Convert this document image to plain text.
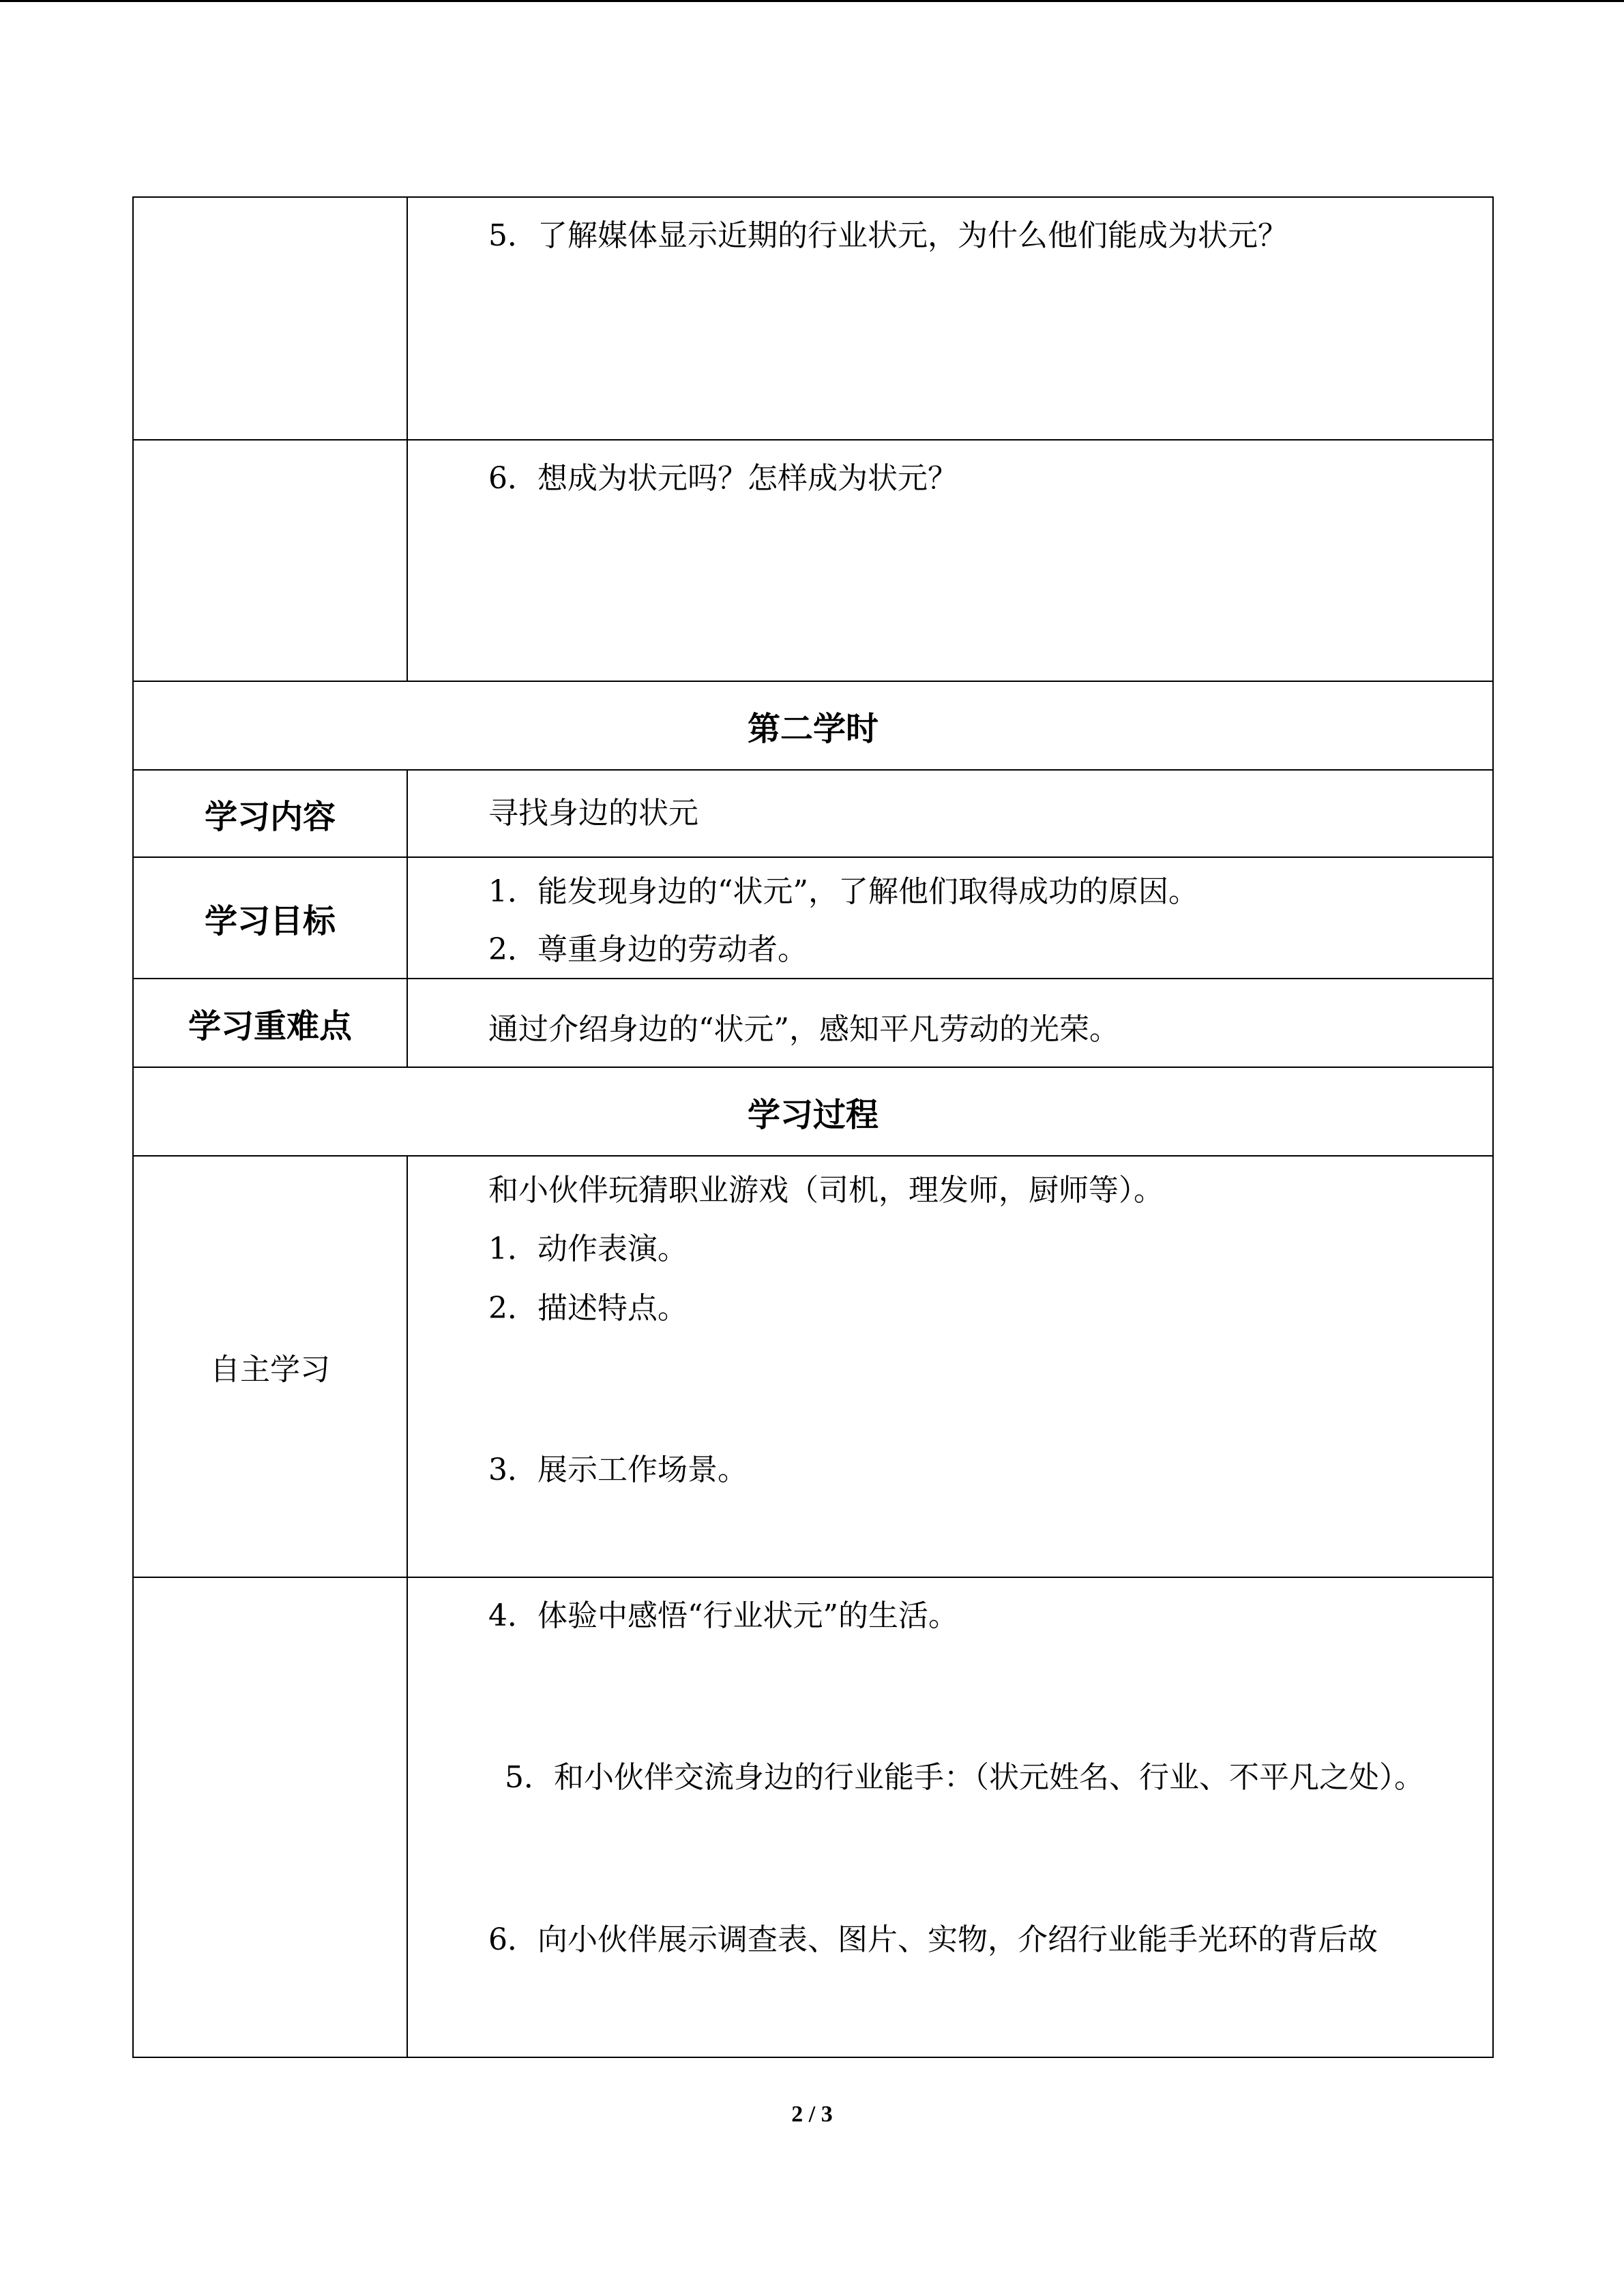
	5．了解媒体显示近期的行业状元，为什么他们能成为状元？

	6．想成为状元吗？怎样成为状元？

第二学时	
学习内容	寻找身边的状元

学习目标	1．能发现身边的“状元”，了解他们取得成功的原因。
2．尊重身边的劳动者。

学习重难点	通过介绍身边的“状元”，感知平凡劳动的光荣。

学习过程	
自主学习	和小伙伴玩猜职业游戏（司机，理发师，厨师等）。
1．动作表演。
2．描述特点。
3．展示工作场景。

	4．体验中感悟“行业状元”的生活。
5．和小伙伴交流身边的行业能手：（状元姓名、行业、不平凡之处）。
6．向小伙伴展示调查表、图片、实物，介绍行业能手光环的背后故
2 / 3
